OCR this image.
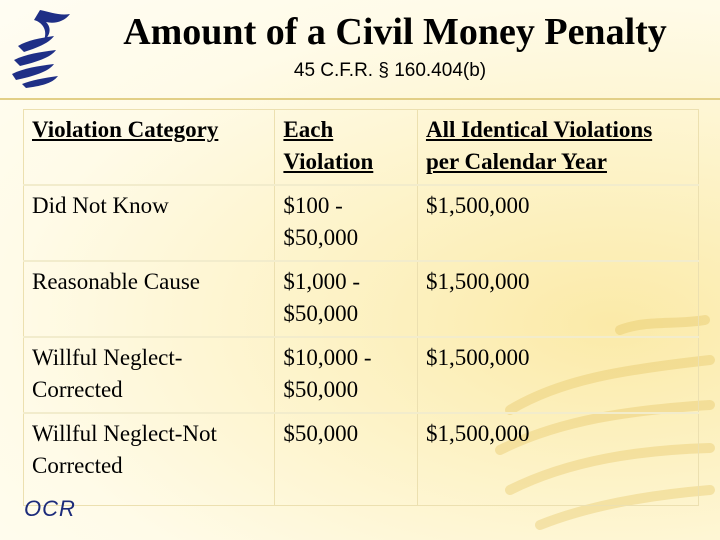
Amount of a Civil Money Penalty
45 C.F.R. § 160.404(b)
Violation Category	Each Violation	All Identical Violations per Calendar Year
Did Not Know	$100 - $50,000	$1,500,000
Reasonable Cause	$1,000 - $50,000	$1,500,000
Willful Neglect-Corrected	$10,000 - $50,000	$1,500,000
Willful Neglect-Not Corrected	$50,000	$1,500,000
OCR
